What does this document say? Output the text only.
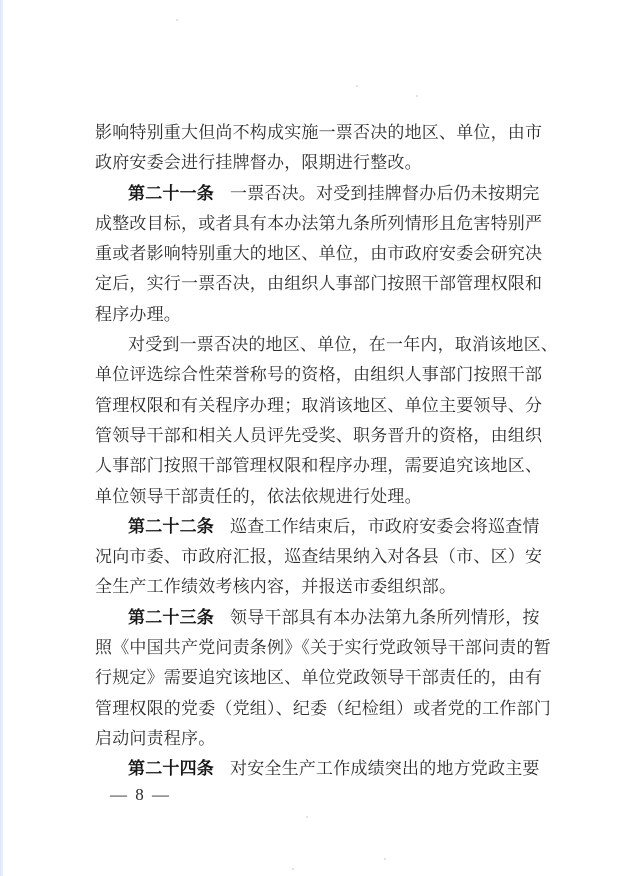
影响特别重大但尚不构成实施一票否决的地区、单位，由市
政府安委会进行挂牌督办，限期进行整改。
第二十一条 一票否决。对受到挂牌督办后仍未按期完
成整改目标，或者具有本办法第九条所列情形且危害特别严
重或者影响特别重大的地区、单位，由市政府安委会研究决
定后，实行一票否决，由组织人事部门按照干部管理权限和
程序办理。
对受到一票否决的地区、单位，在一年内，取消该地区、
单位评选综合性荣誉称号的资格，由组织人事部门按照干部
管理权限和有关程序办理；取消该地区、单位主要领导、分
管领导干部和相关人员评先受奖、职务晋升的资格，由组织
人事部门按照干部管理权限和程序办理，需要追究该地区、
单位领导干部责任的，依法依规进行处理。
第二十二条 巡查工作结束后，市政府安委会将巡查情
况向市委、市政府汇报，巡查结果纳入对各县（市、区）安
全生产工作绩效考核内容，并报送市委组织部。
第二十三条 领导干部具有本办法第九条所列情形，按
照《中国共产党问责条例》《关于实行党政领导干部问责的暂
行规定》需要追究该地区、单位党政领导干部责任的，由有
管理权限的党委（党组）、纪委（纪检组）或者党的工作部门
启动问责程序。
第二十四条 对安全生产工作成绩突出的地方党政主要
— 8 —
